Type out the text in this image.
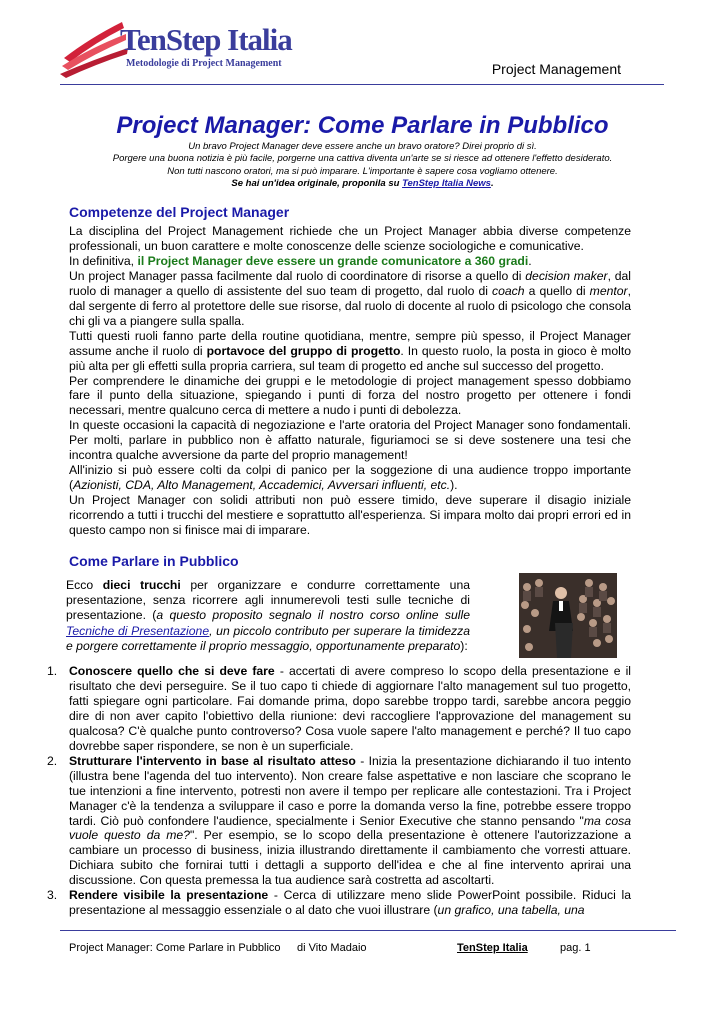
TenStep Italia
Metodologie di Project Management	Project Management
Project Manager: Come Parlare in Pubblico
Un bravo Project Manager deve essere anche un bravo oratore? Direi proprio di sì.
Porgere una buona notizia è più facile, porgerne una cattiva diventa un'arte se si riesce ad ottenere l'effetto desiderato.
Non tutti nascono oratori, ma si può imparare. L'importante è sapere cosa vogliamo ottenere.
Se hai un'idea originale, proponila su TenStep Italia News.
Competenze del Project Manager

La disciplina del Project Management richiede che un Project Manager abbia diverse competenze professionali, un buon carattere e molte conoscenze delle scienze sociologiche e comunicative.

In definitiva, il Project Manager deve essere un grande comunicatore a 360 gradi.

Un project Manager passa facilmente dal ruolo di coordinatore di risorse a quello di decision maker, dal ruolo di manager a quello di assistente del suo team di progetto, dal ruolo di coach a quello di mentor, dal sergente di ferro al protettore delle sue risorse, dal ruolo di docente al ruolo di psicologo che consola chi gli va a piangere sulla spalla.

Tutti questi ruoli fanno parte della routine quotidiana, mentre, sempre più spesso, il Project Manager assume anche il ruolo di portavoce del gruppo di progetto. In questo ruolo, la posta in gioco è molto più alta per gli effetti sulla propria carriera, sul team di progetto ed anche sul successo del progetto.

Per comprendere le dinamiche dei gruppi e le metodologie di project management spesso dobbiamo fare il punto della situazione, spiegando i punti di forza del nostro progetto per ottenere i fondi necessari, mentre qualcuno cerca di mettere a nudo i punti di debolezza.

In queste occasioni la capacità di negoziazione e l'arte oratoria del Project Manager sono fondamentali. Per molti, parlare in pubblico non è affatto naturale, figuriamoci se si deve sostenere una tesi che incontra qualche avversione da parte del proprio management!

All'inizio si può essere colti da colpi di panico per la soggezione di una audience troppo importante (Azionisti, CDA, Alto Management, Accademici, Avversari influenti, etc.).

Un Project Manager con solidi attributi non può essere timido, deve superare il disagio iniziale ricorrendo a tutti i trucchi del mestiere e soprattutto all'esperienza. Si impara molto dai propri errori ed in questo campo non si finisce mai di imparare.

Come Parlare in Pubblico

Ecco dieci trucchi per organizzare e condurre correttamente una presentazione, senza ricorrere agli innumerevoli testi sulle tecniche di presentazione. (a questo proposito segnalo il nostro corso online sulle Tecniche di Presentazione, un piccolo contributo per superare la timidezza e porgere correttamente il proprio messaggio, opportunamente preparato):

1. Conoscere quello che si deve fare - accertati di avere compreso lo scopo della presentazione e il risultato che devi perseguire. Se il tuo capo ti chiede di aggiornare l'alto management sul tuo progetto, fatti spiegare ogni particolare. Fai domande prima, dopo sarebbe troppo tardi, sarebbe ancora peggio dire di non aver capito l'obiettivo della riunione: devi raccogliere l'approvazione del management su qualcosa? C'è qualche punto controverso? Cosa vuole sapere l'alto management e perché? Il tuo capo dovrebbe saper rispondere, se non è un superficiale.

2. Strutturare l'intervento in base al risultato atteso - Inizia la presentazione dichiarando il tuo intento (illustra bene l'agenda del tuo intervento). Non creare false aspettative e non lasciare che scoprano le tue intenzioni a fine intervento, potresti non avere il tempo per replicare alle contestazioni. Tra i Project Manager c'è la tendenza a sviluppare il caso e porre la domanda verso la fine, potrebbe essere troppo tardi. Ciò può confondere l'audience, specialmente i Senior Executive che stanno pensando "ma cosa vuole questo da me?". Per esempio, se lo scopo della presentazione è ottenere l'autorizzazione a cambiare un processo di business, inizia illustrando direttamente il cambiamento che vorresti attuare. Dichiara subito che fornirai tutti i dettagli a supporto dell'idea e che al fine intervento aprirai una discussione. Con questa premessa la tua audience sarà costretta ad ascoltarti.

3. Rendere visibile la presentazione - Cerca di utilizzare meno slide PowerPoint possibile. Riduci la presentazione al messaggio essenziale o al dato che vuoi illustrare (un grafico, una tabella, una

Project Manager: Come Parlare in Pubblico di Vito Madaio	TenStep Italia	pag. 1
